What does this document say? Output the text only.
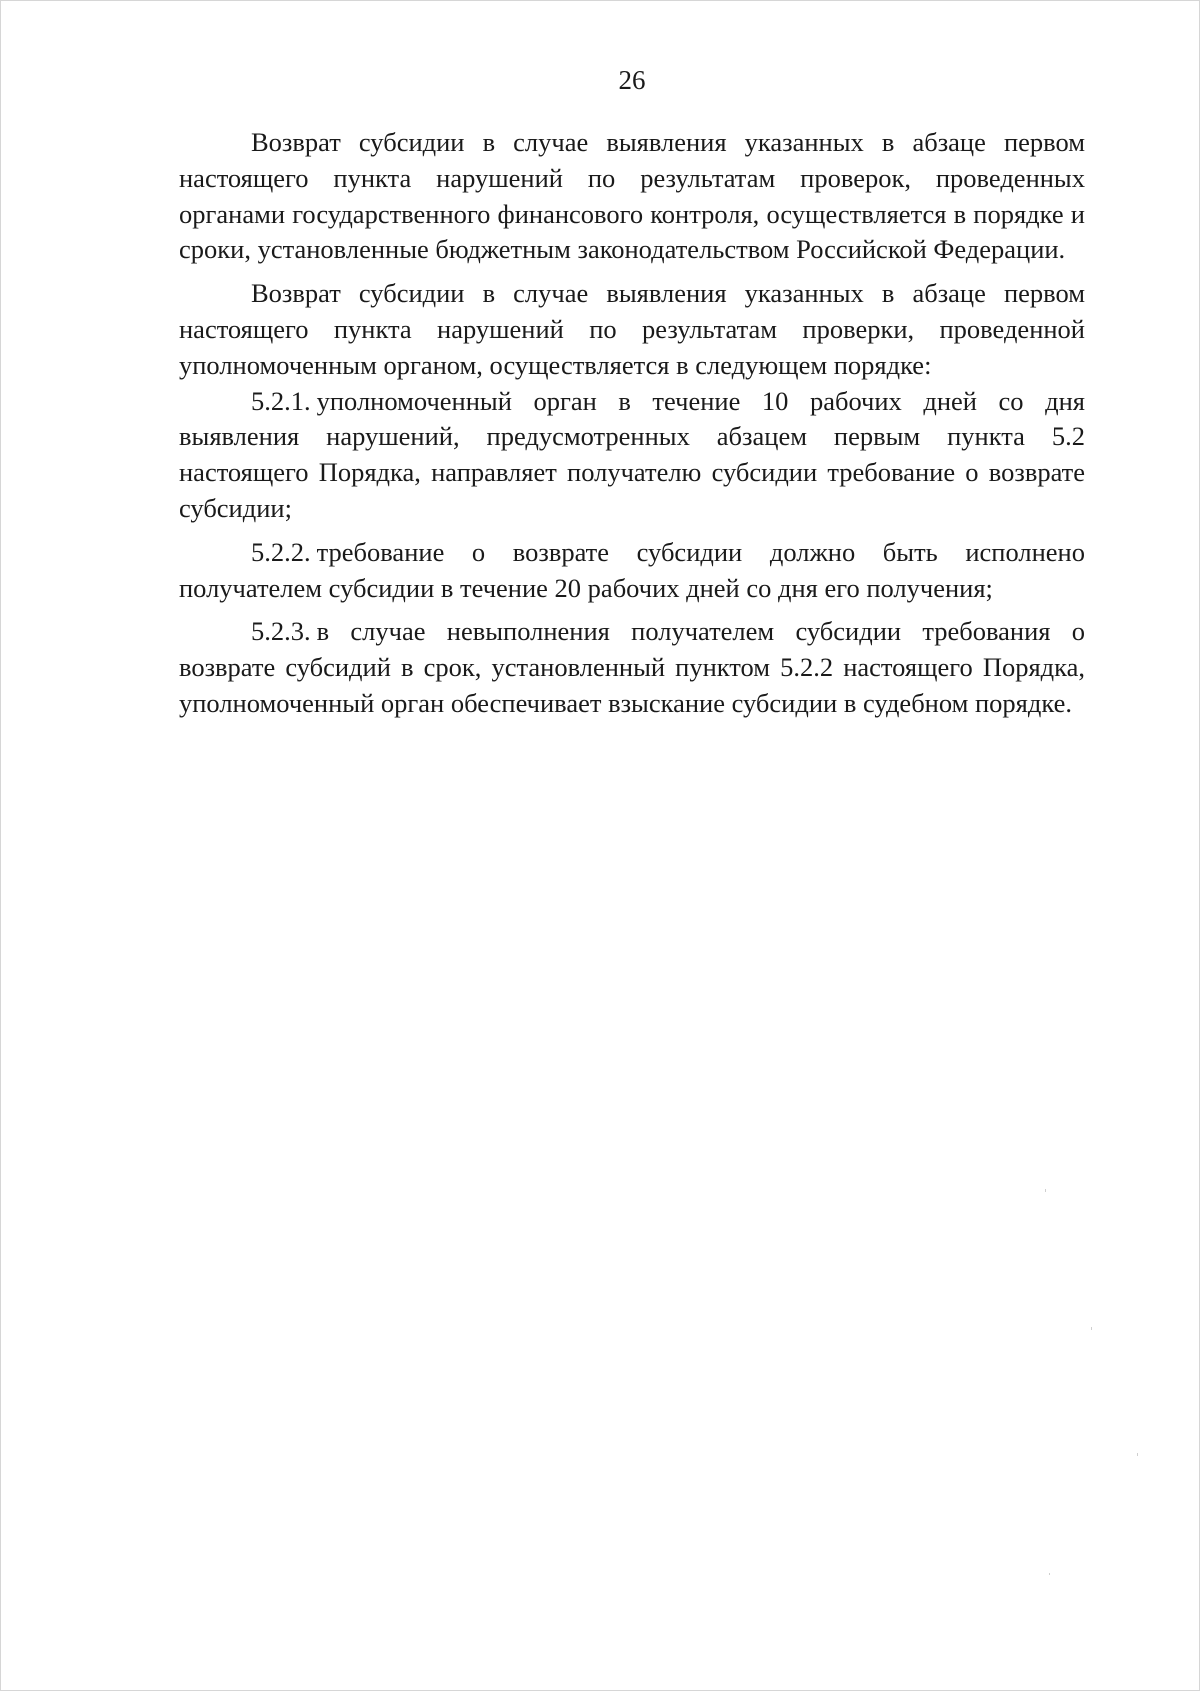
26

Возврат субсидии в случае выявления указанных в абзаце первом настоящего пункта нарушений по результатам проверок, проведенных органами государственного финансового контроля, осуществляется в порядке и сроки, установленные бюджетным законодательством Российской Федерации.

Возврат субсидии в случае выявления указанных в абзаце первом настоящего пункта нарушений по результатам проверки, проведенной уполномоченным органом, осуществляется в следующем порядке:

5.2.1. уполномоченный орган в течение 10 рабочих дней со дня выявления нарушений, предусмотренных абзацем первым пункта 5.2 настоящего Порядка, направляет получателю субсидии требование о возврате субсидии;

5.2.2. требование о возврате субсидии должно быть исполнено получателем субсидии в течение 20 рабочих дней со дня его получения;

5.2.3. в случае невыполнения получателем субсидии требования о возврате субсидий в срок, установленный пунктом 5.2.2 настоящего Порядка, уполномоченный орган обеспечивает взыскание субсидии в судебном порядке.
